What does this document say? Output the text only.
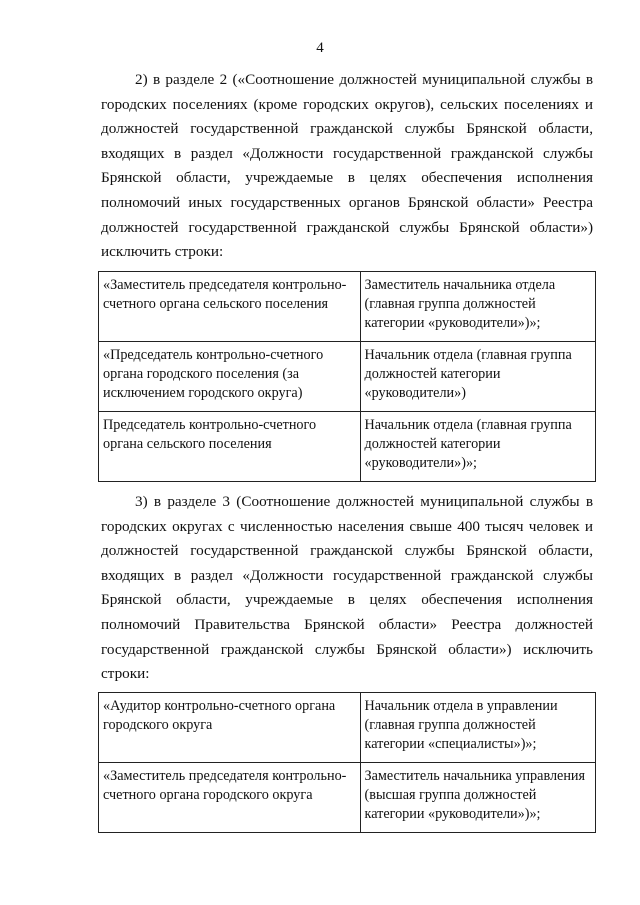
4

2) в разделе 2 («Соотношение должностей муниципальной службы в городских поселениях (кроме городских округов), сельских поселениях и должностей государственной гражданской службы Брянской области, входящих в раздел «Должности государственной гражданской службы Брянской области, учреждаемые в целях обеспечения исполнения полномочий иных государственных органов Брянской области» Реестра должностей государственной гражданской службы Брянской области») исключить строки:

«Заместитель председателя контрольно-счетного органа сельского поселения	Заместитель начальника отдела (главная группа должностей категории «руководители»)»;
«Председатель контрольно-счетного органа городского поселения (за исключением городского округа)	Начальник отдела (главная группа должностей категории «руководители»)
Председатель контрольно-счетного органа сельского поселения	Начальник отдела (главная группа должностей категории «руководители»)»;

3) в разделе 3 (Соотношение должностей муниципальной службы в городских округах с численностью населения свыше 400 тысяч человек и должностей государственной гражданской службы Брянской области, входящих в раздел «Должности государственной гражданской службы Брянской области, учреждаемые в целях обеспечения исполнения полномочий Правительства Брянской области» Реестра должностей государственной гражданской службы Брянской области») исключить строки:

«Аудитор контрольно-счетного органа городского округа	Начальник отдела в управлении (главная группа должностей категории «специалисты»)»;
«Заместитель председателя контрольно-счетного органа городского округа	Заместитель начальника управления (высшая группа должностей категории «руководители»)»;
